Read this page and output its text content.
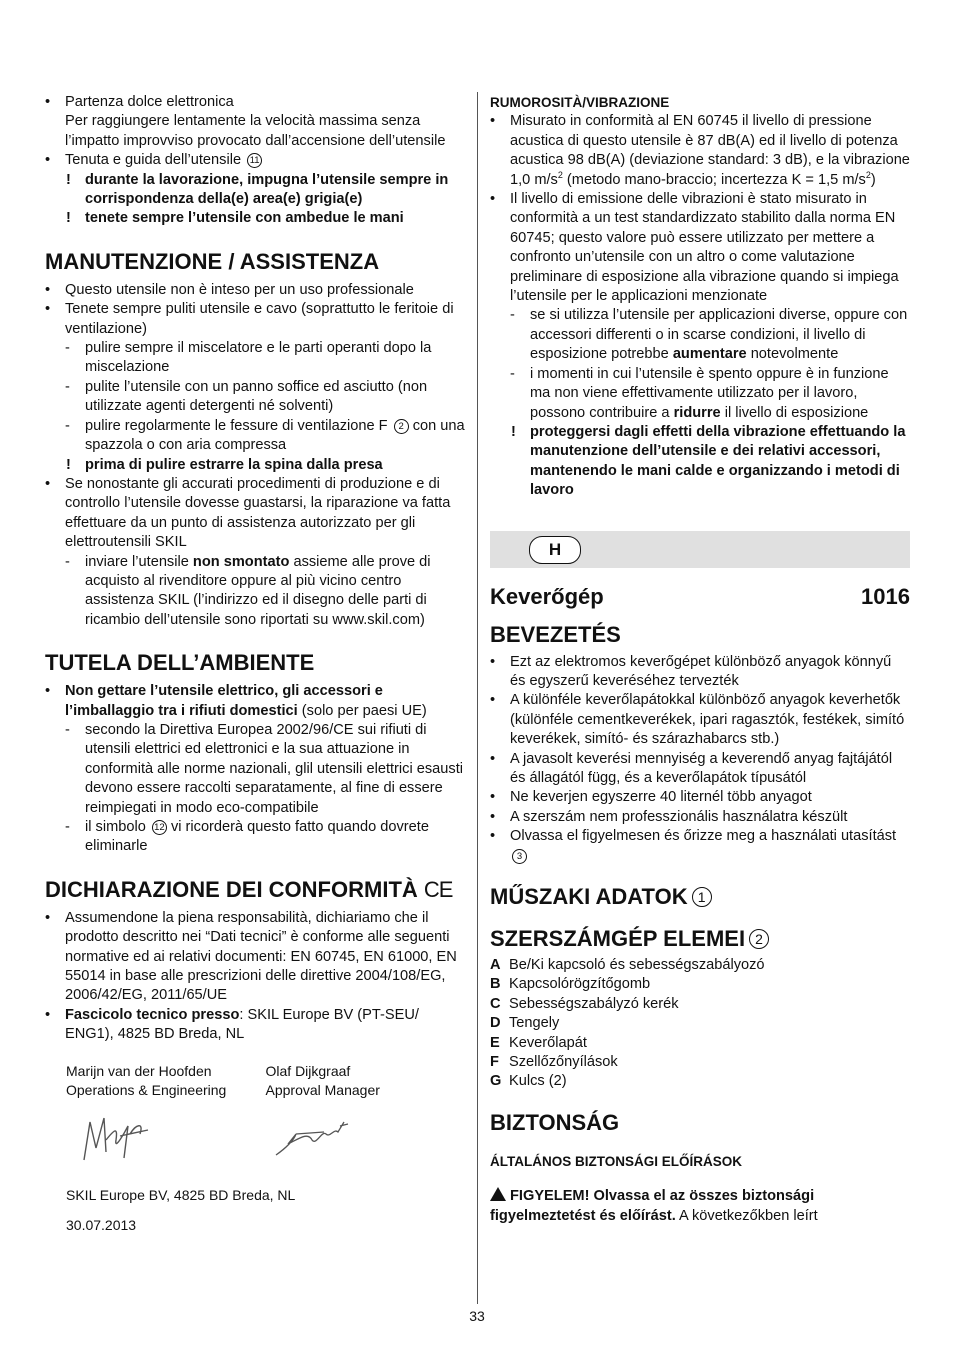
• Partenza dolce elettronica
Per raggiungere lentamente la velocità massima senza l’impatto improvviso provocato dall’accensione dell’utensile
• Tenuta e guida dell’utensile 11
! durante la lavorazione, impugna l’utensile sempre in corrispondenza della(e) area(e) grigia(e)
! tenete sempre l’utensile con ambedue le mani
MANUTENZIONE / ASSISTENZA
• Questo utensile non è inteso per un uso professionale
• Tenete sempre puliti utensile e cavo (soprattutto le feritoie di ventilazione)
- pulire sempre il miscelatore e le parti operanti dopo la miscelazione
- pulite l’utensile con un panno soffice ed asciutto (non utilizzate agenti detergenti né solventi)
- pulire regolarmente le fessure di ventilazione F 2 con una spazzola o con aria compressa
! prima di pulire estrarre la spina dalla presa
• Se nonostante gli accurati procedimenti di produzione e di controllo l’utensile dovesse guastarsi, la riparazione va fatta effettuare da un punto di assistenza autorizzato per gli elettroutensili SKIL
- inviare l’utensile non smontato assieme alle prove di acquisto al rivenditore oppure al più vicino centro assistenza SKIL (l’indirizzo ed il disegno delle parti di ricambio dell’utensile sono riportati su www.skil.com)
TUTELA DELL’AMBIENTE
• Non gettare l’utensile elettrico, gli accessori e l’imballaggio tra i rifiuti domestici (solo per paesi UE)
- secondo la Direttiva Europea 2002/96/CE sui rifiuti di utensili elettrici ed elettronici e la sua attuazione in conformità alle norme nazionali, glil utensili elettrici esausti devono essere raccolti separatamente, al fine di essere reimpiegati in modo eco-compatibile
- il simbolo 12 vi ricorderà questo fatto quando dovrete eliminarle
DICHIARAZIONE DEI CONFORMITÀ CE
• Assumendone la piena responsabilità, dichiariamo che il prodotto descritto nei “Dati tecnici” è conforme alle seguenti normative ed ai relativi documenti: EN 60745, EN 61000, EN 55014 in base alle prescrizioni delle direttive 2004/108/EG, 2006/42/EG, 2011/65/UE
• Fascicolo tecnico presso: SKIL Europe BV (PT-SEU/ ENG1), 4825 BD Breda, NL
Marijn van der Hoofden
Operations & Engineering
Olaf Dijkgraaf
Approval Manager
SKIL Europe BV, 4825 BD Breda, NL
30.07.2013
RUMOROSITÀ/VIBRAZIONE
• Misurato in conformità al EN 60745 il livello di pressione acustica di questo utensile è 87 dB(A) ed il livello di potenza acustica 98 dB(A) (deviazione standard: 3 dB), e la vibrazione 1,0 $m/s^2$ (metodo mano-braccio; incertezza K = 1,5 $m/s^2$)
• Il livello di emissione delle vibrazioni è stato misurato in conformità a un test standardizzato stabilito dalla norma EN 60745; questo valore può essere utilizzato per mettere a confronto un’utensile con un altro o come valutazione preliminare di esposizione alla vibrazione quando si impiega l’utensile per le applicazioni menzionate
- se si utilizza l’utensile per applicazioni diverse, oppure con accessori differenti o in scarse condizioni, il livello di esposizione potrebbe aumentare notevolmente
- i momenti in cui l’utensile è spento oppure è in funzione ma non viene effettivamente utilizzato per il lavoro, possono contribuire a ridurre il livello di esposizione
! proteggersi dagli effetti della vibrazione effettuando la manutenzione dell’utensile e dei relativi accessori, mantenendo le mani calde e organizzando i metodi di lavoro
H
Keverőgép	1016
BEVEZETÉS
• Ezt az elektromos keverőgépet különböző anyagok könnyű és egyszerű keveréséhez tervezték
• A különféle keverőlapátokkal különböző anyagok keverhetők (különféle cementkeverékek, ipari ragasztók, festékek, simító keverékek, simító- és szárazhabarcs stb.)
• A javasolt keverési mennyiség a keverendő anyag fajtájától és állagától függ, és a keverőlapátok típusától
• Ne keverjen egyszerre 40 liternél több anyagot
• A szerszám nem professzionális használatra készült
• Olvassa el figyelmesen és őrizze meg a használati utasítást 3
MŰSZAKI ADATOK 1
SZERSZÁMGÉP ELEMEI 2
A Be/Ki kapcsoló és sebességszabályozó
B Kapcsolórögzítőgomb
C Sebességszabályzó kerék
D Tengely
E Keverőlapát
F Szellőzőnyílások
G Kulcs (2)
BIZTONSÁG
ÁLTALÁNOS BIZTONSÁGI ELŐÍRÁSOK

FIGYELEM! Olvassa el az összes biztonsági figyelmeztetést és előírást. A következőkben leírt

33
